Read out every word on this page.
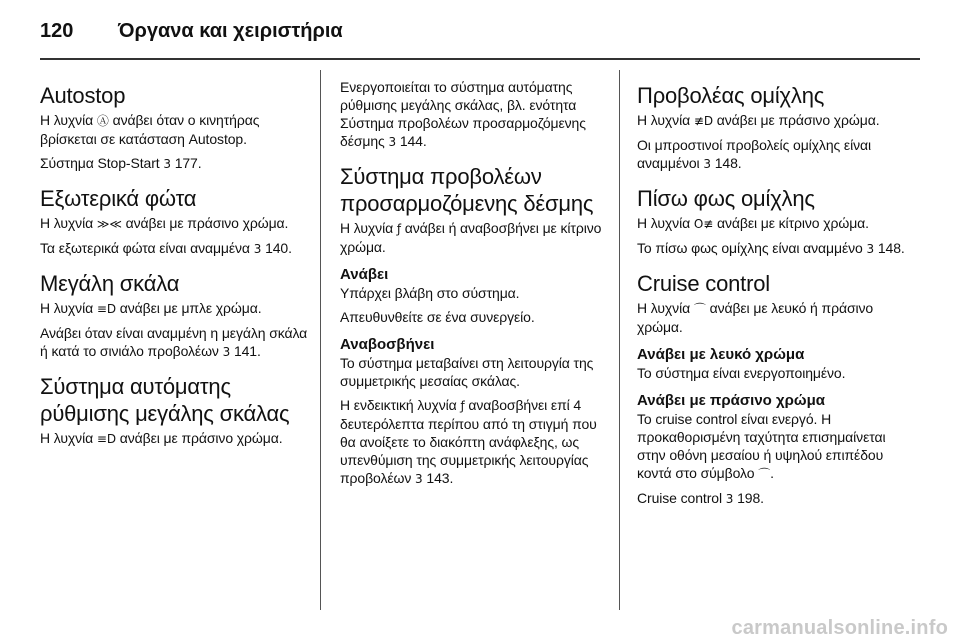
120 Όργανα και χειριστήρια
Autostop

Η λυχνία Ⓐ ανάβει όταν ο κινητήρας βρίσκεται σε κατάσταση Autostop.

Σύστημα Stop-Start 3 177.

Εξωτερικά φώτα

Η λυχνία ≫≪ ανάβει με πράσινο χρώμα.

Τα εξωτερικά φώτα είναι αναμμένα 3 140.

Μεγάλη σκάλα

Η λυχνία ≡D ανάβει με μπλε χρώμα.

Ανάβει όταν είναι αναμμένη η μεγάλη σκάλα ή κατά το σινιάλο προβολέων 3 141.

Σύστημα αυτόματης ρύθμισης μεγάλης σκάλας

Η λυχνία ≡D ανάβει με πράσινο χρώμα.

Ενεργοποιείται το σύστημα αυτόματης ρύθμισης μεγάλης σκάλας, βλ. ενότητα Σύστημα προβολέων προσαρμοζόμενης δέσμης 3 144.

Σύστημα προβολέων προσαρμοζόμενης δέσμης

Η λυχνία ƒ ανάβει ή αναβοσβήνει με κίτρινο χρώμα.

Ανάβει

Υπάρχει βλάβη στο σύστημα.

Απευθυνθείτε σε ένα συνεργείο.

Αναβοσβήνει

Το σύστημα μεταβαίνει στη λειτουργία της συμμετρικής μεσαίας σκάλας.

Η ενδεικτική λυχνία ƒ αναβοσβήνει επί 4 δευτερόλεπτα περίπου από τη στιγμή που θα ανοίξετε το διακόπτη ανάφλεξης, ως υπενθύμιση της συμμετρικής λειτουργίας προβολέων 3 143.

Προβολέας ομίχλης

Η λυχνία ≢D ανάβει με πράσινο χρώμα.

Οι μπροστινοί προβολείς ομίχλης είναι αναμμένοι 3 148.

Πίσω φως ομίχλης

Η λυχνία O≢ ανάβει με κίτρινο χρώμα.

Το πίσω φως ομίχλης είναι αναμμένο 3 148.

Cruise control

Η λυχνία ⌒ ανάβει με λευκό ή πράσινο χρώμα.

Ανάβει με λευκό χρώμα

Το σύστημα είναι ενεργοποιημένο.

Ανάβει με πράσινο χρώμα

Το cruise control είναι ενεργό. Η προκαθορισμένη ταχύτητα επισημαίνεται στην οθόνη μεσαίου ή υψηλού επιπέδου κοντά στο σύμβολο ⌒.

Cruise control 3 198.

carmanualsonline.info
